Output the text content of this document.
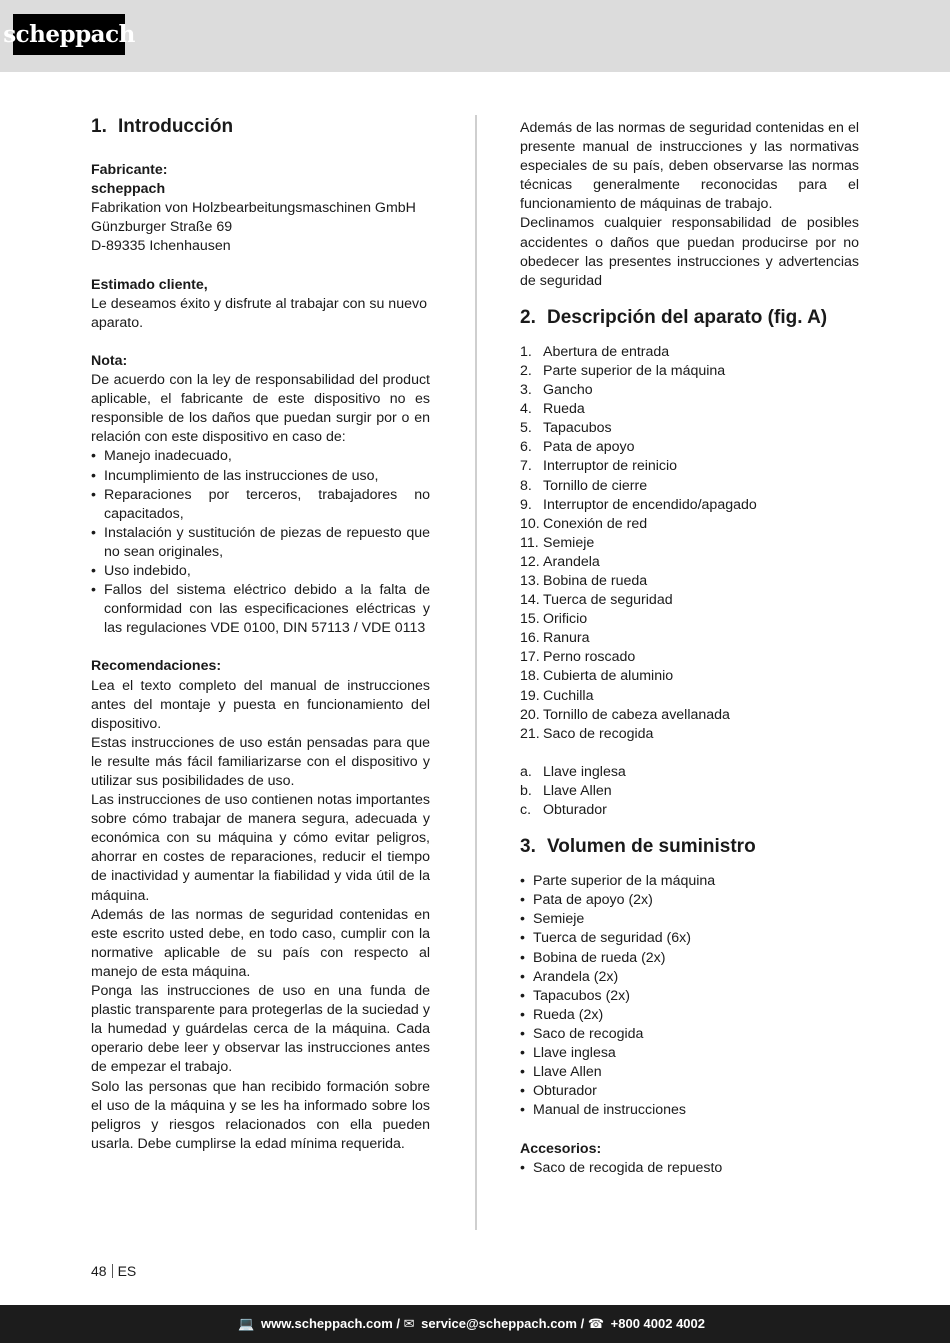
scheppach
1. Introducción

Fabricante:

scheppach

Fabrikation von Holzbearbeitungsmaschinen GmbH

Günzburger Straße 69

D-89335 Ichenhausen

Estimado cliente,

Le deseamos éxito y disfrute al trabajar con su nuevo aparato.

Nota:

De acuerdo con la ley de responsabilidad del product aplicable, el fabricante de este dispositivo no es responsible de los daños que puedan surgir por o en relación con este dispositivo en caso de:

• Manejo inadecuado,
• Incumplimiento de las instrucciones de uso,
• Reparaciones por terceros, trabajadores no capacitados,
• Instalación y sustitución de piezas de repuesto que no sean originales,
• Uso indebido,
• Fallos del sistema eléctrico debido a la falta de conformidad con las especificaciones eléctricas y las regulaciones VDE 0100, DIN 57113 / VDE 0113

Recomendaciones:

Lea el texto completo del manual de instrucciones antes del montaje y puesta en funcionamiento del dispositivo.

Estas instrucciones de uso están pensadas para que le resulte más fácil familiarizarse con el dispositivo y utilizar sus posibilidades de uso.

Las instrucciones de uso contienen notas importantes sobre cómo trabajar de manera segura, adecuada y económica con su máquina y cómo evitar peligros, ahorrar en costes de reparaciones, reducir el tiempo de inactividad y aumentar la fiabilidad y vida útil de la máquina.

Además de las normas de seguridad contenidas en este escrito usted debe, en todo caso, cumplir con la normative aplicable de su país con respecto al manejo de esta máquina.

Ponga las instrucciones de uso en una funda de plastic transparente para protegerlas de la suciedad y la humedad y guárdelas cerca de la máquina. Cada operario debe leer y observar las instrucciones antes de empezar el trabajo.

Solo las personas que han recibido formación sobre el uso de la máquina y se les ha informado sobre los peligros y riesgos relacionados con ella pueden usarla. Debe cumplirse la edad mínima requerida.

Además de las normas de seguridad contenidas en el presente manual de instrucciones y las normativas especiales de su país, deben observarse las normas técnicas generalmente reconocidas para el funcionamiento de máquinas de trabajo.

Declinamos cualquier responsabilidad de posibles accidentes o daños que puedan producirse por no obedecer las presentes instrucciones y advertencias de seguridad

2. Descripción del aparato (fig. A)
1. Abertura de entrada
2. Parte superior de la máquina
3. Gancho
4. Rueda
5. Tapacubos
6. Pata de apoyo
7. Interruptor de reinicio
8. Tornillo de cierre
9. Interruptor de encendido/apagado
10. Conexión de red
11. Semieje
12. Arandela
13. Bobina de rueda
14. Tuerca de seguridad
15. Orificio
16. Ranura
17. Perno roscado
18. Cubierta de aluminio
19. Cuchilla
20. Tornillo de cabeza avellanada
21. Saco de recogida
a. Llave inglesa
b. Llave Allen
c. Obturador
3. Volumen de suministro
• Parte superior de la máquina
• Pata de apoyo (2x)
• Semieje
• Tuerca de seguridad (6x)
• Bobina de rueda (2x)
• Arandela (2x)
• Tapacubos (2x)
• Rueda (2x)
• Saco de recogida
• Llave inglesa
• Llave Allen
• Obturador
• Manual de instrucciones

Accesorios:

• Saco de recogida de repuesto
48 ES
💻 www.scheppach.com / ✉ service@scheppach.com / ☎ +800 4002 4002
